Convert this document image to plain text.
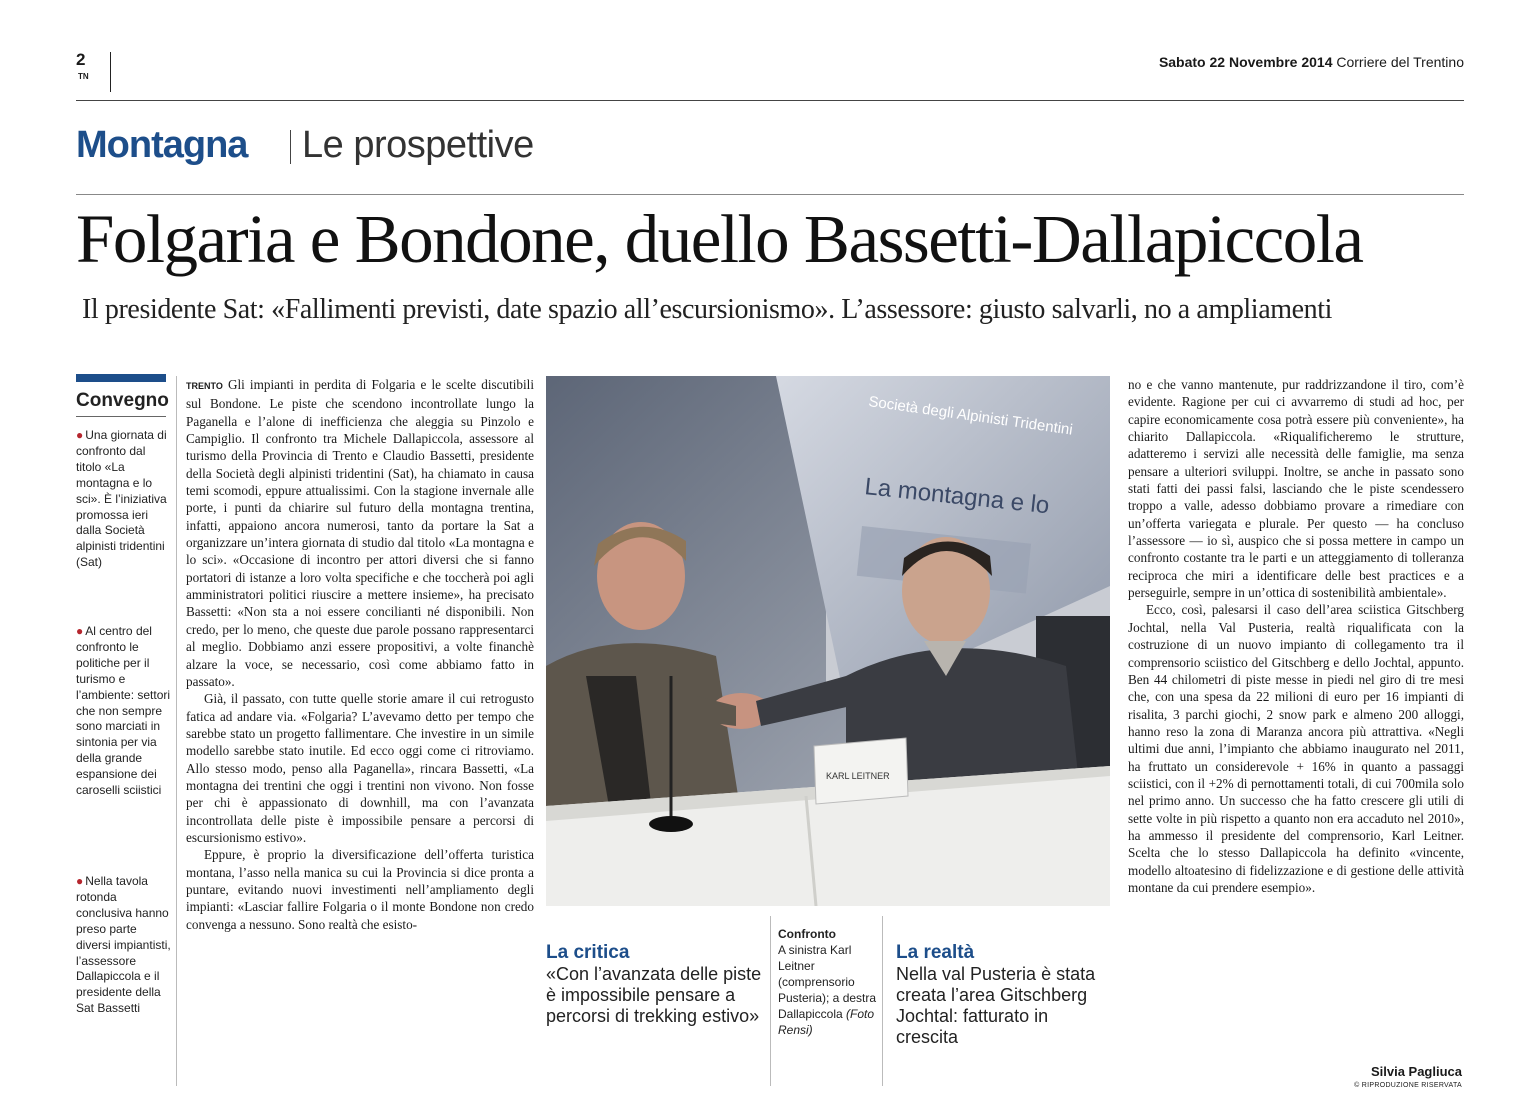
2
TN
Sabato 22 Novembre 2014 Corriere del Trentino
Montagna Le prospettive
Folgaria e Bondone, duello Bassetti-Dallapiccola
Il presidente Sat: «Fallimenti previsti, date spazio all’escursionismo». L’assessore: giusto salvarli, no a ampliamenti
Convegno
● Una giornata di confronto dal titolo «La montagna e lo sci». È l’iniziativa promossa ieri dalla Società alpinisti tridentini (Sat)
● Al centro del confronto le politiche per il turismo e l’ambiente: settori che non sempre sono marciati in sintonia per via della grande espansione dei caroselli sciistici
● Nella tavola rotonda conclusiva hanno preso parte diversi impiantisti, l’assessore Dallapiccola e il presidente della Sat Bassetti

TRENTO Gli impianti in perdita di Folgaria e le scelte discutibili sul Bondone. Le piste che scendono incontrollate lungo la Paganella e l’alone di inefficienza che aleggia su Pinzolo e Campiglio. Il confronto tra Michele Dallapiccola, assessore al turismo della Provincia di Trento e Claudio Bassetti, presidente della Società degli alpinisti tridentini (Sat), ha chiamato in causa temi scomodi, eppure attualissimi. Con la stagione invernale alle porte, i punti da chiarire sul futuro della montagna trentina, infatti, appaiono ancora numerosi, tanto da portare la Sat a organizzare un’intera giornata di studio dal titolo «La montagna e lo sci». «Occasione di incontro per attori diversi che si fanno portatori di istanze a loro volta specifiche e che toccherà poi agli amministratori politici riuscire a mettere insieme», ha precisato Bassetti: «Non sta a noi essere concilianti né disponibili. Non credo, per lo meno, che queste due parole possano rappresentarci al meglio. Dobbiamo anzi essere propositivi, a volte financhè alzare la voce, se necessario, così come abbiamo fatto in passato».

Già, il passato, con tutte quelle storie amare il cui retrogusto fatica ad andare via. «Folgaria? L’avevamo detto per tempo che sarebbe stato un progetto fallimentare. Che investire in un simile modello sarebbe stato inutile. Ed ecco oggi come ci ritroviamo. Allo stesso modo, penso alla Paganella», rincara Bassetti, «La montagna dei trentini che oggi i trentini non vivono. Non fosse per chi è appassionato di downhill, ma con l’avanzata incontrollata delle piste è impossibile pensare a percorsi di escursionismo estivo».

Eppure, è proprio la diversificazione dell’offerta turistica montana, l’asso nella manica su cui la Provincia si dice pronta a puntare, evitando nuovi investimenti nell’ampliamento degli impianti: «Lasciar fallire Folgaria o il monte Bondone non credo convenga a nessuno. Sono realtà che esisto-

Società degli Alpinisti Tridentini
La montagna e lo
KARL LEITNER
La critica
«Con l’avanzata delle piste è impossibile pensare a percorsi di trekking estivo»
Confronto
A sinistra Karl Leitner (comprensorio Pusteria); a destra Dallapiccola (Foto Rensi)
La realtà
Nella val Pusteria è stata creata l’area Gitschberg Jochtal: fatturato in crescita

no e che vanno mantenute, pur raddrizzandone il tiro, com’è evidente. Ragione per cui ci avvarremo di studi ad hoc, per capire economicamente cosa potrà essere più conveniente», ha chiarito Dallapiccola. «Riqualificheremo le strutture, adatteremo i servizi alle necessità delle famiglie, ma senza pensare a ulteriori sviluppi. Inoltre, se anche in passato sono stati fatti dei passi falsi, lasciando che le piste scendessero troppo a valle, adesso dobbiamo provare a rimediare con un’offerta variegata e plurale. Per questo — ha concluso l’assessore — io sì, auspico che si possa mettere in campo un confronto costante tra le parti e un atteggiamento di tolleranza reciproca che miri a identificare delle best practices e a perseguirle, sempre in un’ottica di sostenibilità ambientale».

Ecco, così, palesarsi il caso dell’area sciistica Gitschberg Jochtal, nella Val Pusteria, realtà riqualificata con la costruzione di un nuovo impianto di collegamento tra il comprensorio sciistico del Gitschberg e dello Jochtal, appunto. Ben 44 chilometri di piste messe in piedi nel giro di tre mesi che, con una spesa da 22 milioni di euro per 16 impianti di risalita, 3 parchi giochi, 2 snow park e almeno 200 alloggi, hanno reso la zona di Maranza ancora più attrattiva. «Negli ultimi due anni, l’impianto che abbiamo inaugurato nel 2011, ha fruttato un considerevole + 16% in quanto a passaggi sciistici, con il +2% di pernottamenti totali, di cui 700mila solo nel primo anno. Un successo che ha fatto crescere gli utili di sette volte in più rispetto a quanto non era accaduto nel 2010», ha ammesso il presidente del comprensorio, Karl Leitner. Scelta che lo stesso Dallapiccola ha definito «vincente, modello altoatesino di fidelizzazione e di gestione delle attività montane da cui prendere esempio».

Silvia Pagliuca
© RIPRODUZIONE RISERVATA
